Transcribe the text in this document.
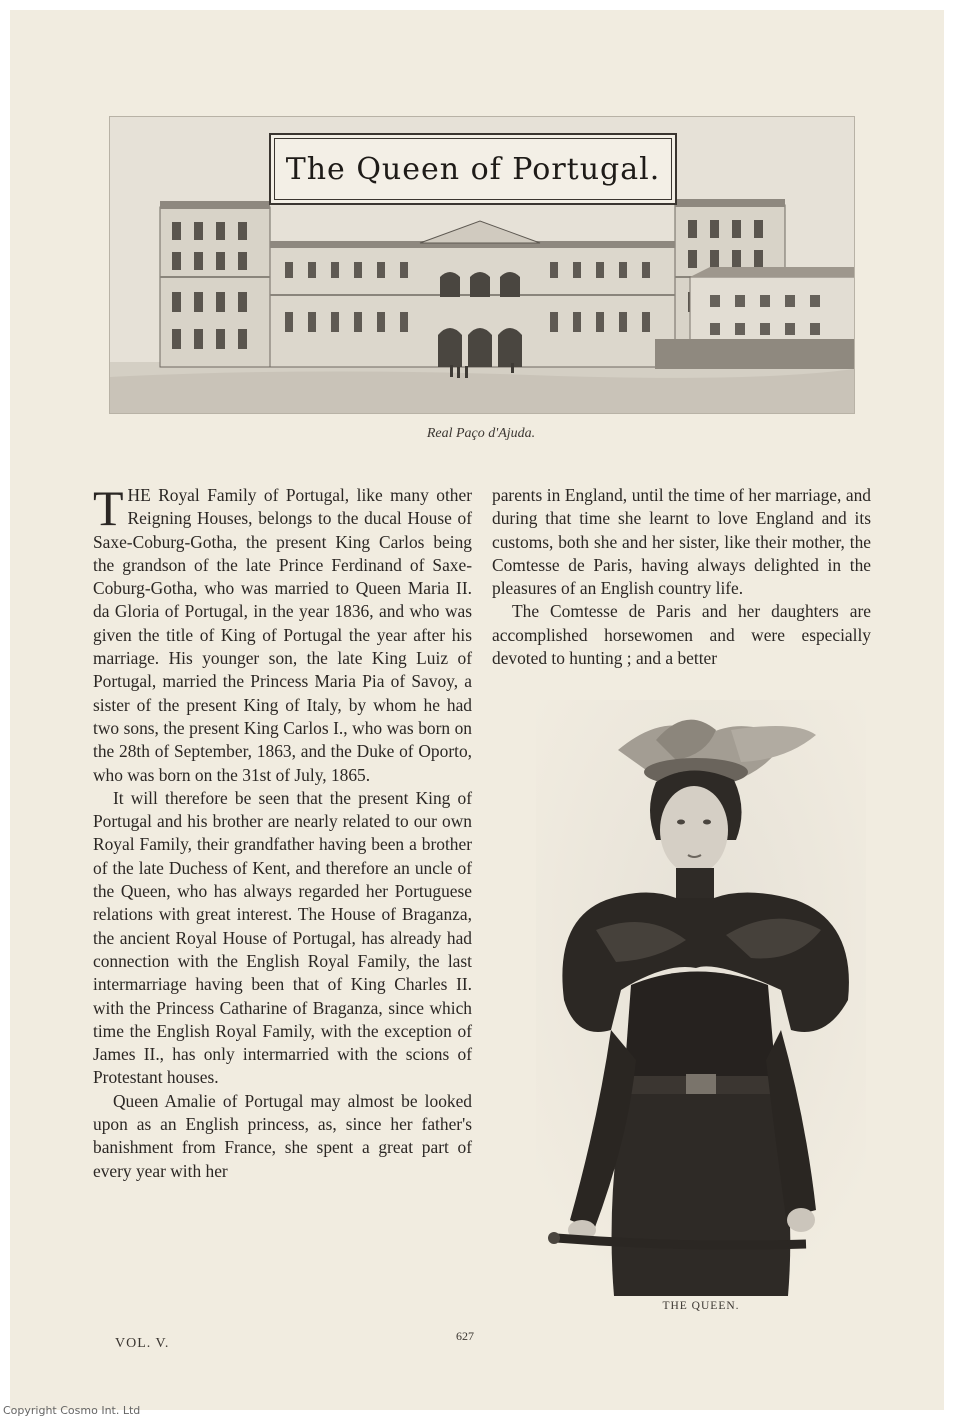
The Queen of Portugal.
Real Paço d'Ajuda.

THE Royal Family of Portugal, like many other Reigning Houses, belongs to the ducal House of Saxe-Coburg-Gotha, the present King Carlos being the grandson of the late Prince Ferdinand of Saxe-Coburg-Gotha, who was married to Queen Maria II. da Gloria of Portugal, in the year 1836, and who was given the title of King of Portugal the year after his marriage. His younger son, the late King Luiz of Portugal, married the Princess Maria Pia of Savoy, a sister of the present King of Italy, by whom he had two sons, the present King Carlos I., who was born on the 28th of September, 1863, and the Duke of Oporto, who was born on the 31st of July, 1865.

It will therefore be seen that the present King of Portugal and his brother are nearly related to our own Royal Family, their grandfather having been a brother of the late Duchess of Kent, and therefore an uncle of the Queen, who has always regarded her Portuguese relations with great interest. The House of Braganza, the ancient Royal House of Portugal, has already had connection with the English Royal Family, the last intermarriage having been that of King Charles II. with the Princess Catharine of Braganza, since which time the English Royal Family, with the exception of James II., has only intermarried with the scions of Protestant houses.

Queen Amalie of Portugal may almost be looked upon as an English princess, as, since her father's banishment from France, she spent a great part of every year with her

parents in England, until the time of her marriage, and during that time she learnt to love England and its customs, both she and her sister, like their mother, the Comtesse de Paris, having always delighted in the pleasures of an English country life.

The Comtesse de Paris and her daughters are accomplished horsewomen and were especially devoted to hunting ; and a better

THE QUEEN.
VOL. V.	627
Copyright Cosmo Int. Ltd
